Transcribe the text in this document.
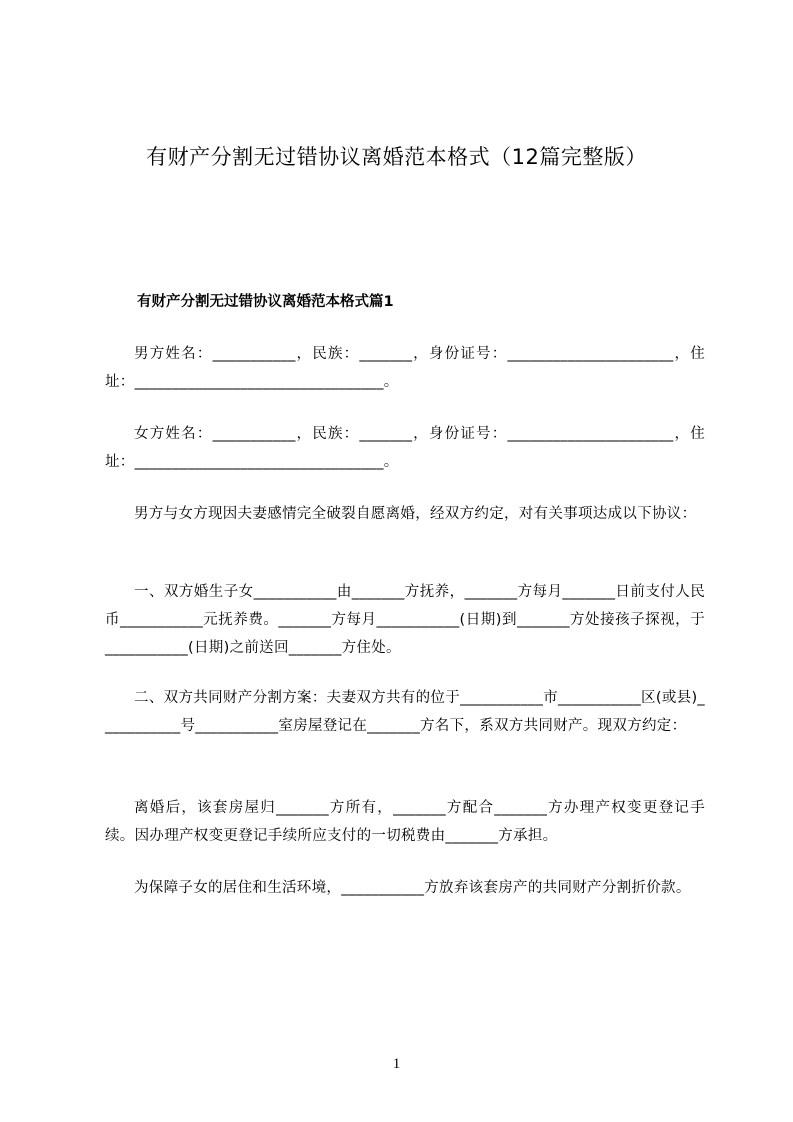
有财产分割无过错协议离婚范本格式（12篇完整版）
有财产分割无过错协议离婚范本格式篇1

男方姓名：___________，民族：_______，身份证号：______________________，住址：_________________________________。

女方姓名：___________，民族：_______，身份证号：______________________，住址：_________________________________。

男方与女方现因夫妻感情完全破裂自愿离婚，经双方约定，对有关事项达成以下协议：

一、双方婚生子女___________由_______方抚养，_______方每月_______日前支付人民币___________元抚养费。_______方每月___________(日期)到_______方处接孩子探视，于___________(日期)之前送回_______方住处。

二、双方共同财产分割方案：夫妻双方共有的位于___________市___________区(或县)___________号___________室房屋登记在_______方名下，系双方共同财产。现双方约定：

离婚后，该套房屋归_______方所有，_______方配合_______方办理产权变更登记手续。因办理产权变更登记手续所应支付的一切税费由_______方承担。

为保障子女的居住和生活环境，___________方放弃该套房产的共同财产分割折价款。

1
